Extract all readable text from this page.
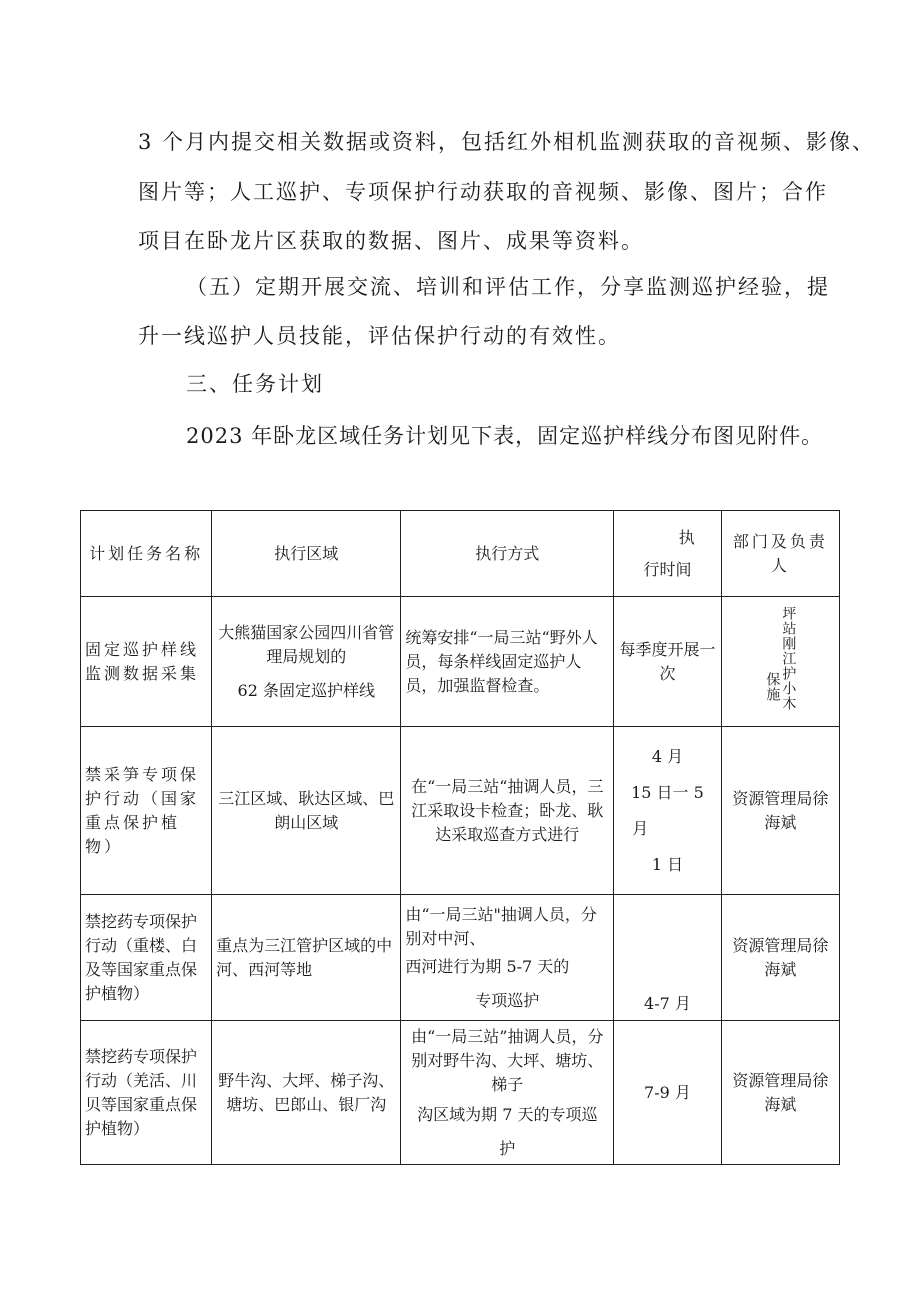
3 个月内提交相关数据或资料，包括红外相机监测获取的音视频、影像、
图片等；人工巡护、专项保护行动获取的音视频、影像、图片；合作
项目在卧龙片区获取的数据、图片、成果等资料。
（五）定期开展交流、培训和评估工作，分享监测巡护经验，提
升一线巡护人员技能，评估保护行动的有效性。
三、任务计划
2023 年卧龙区域任务计划见下表，固定巡护样线分布图见附件。
计划任务名称	执行区域	执行方式	执
行时间	部门及负责人
固定巡护样线监测数据采集	大熊猫国家公园四川省管理局规划的
62 条固定巡护样线	统筹安排“一局三站“野外人员，每条样线固定巡护人员，加强监督检查。	每季度开展一次	保施坪站刚江护小木
禁采笋专项保护行动（国家重点保护植物）	三江区域、耿达区域、巴朗山区域	在“一局三站“抽调人员，三江采取设卡检查；卧龙、耿达采取巡查方式进行	4 月
15 日一 5
月
1 日	资源管理局徐海斌
禁挖药专项保护行动（重楼、白及等国家重点保护植物）	重点为三江管护区域的中河、西河等地	由“一局三站"抽调人员，分别对中河、
西河进行为期 5-7 天的
专项巡护	4-7 月	资源管理局徐海斌
禁挖药专项保护行动（羌活、川贝等国家重点保护植物）	野牛沟、大坪、梯子沟、塘坊、巴郎山、银厂沟	由“一局三站”抽调人员，分别对野牛沟、大坪、塘坊、梯子
沟区域为期 7 天的专项巡
护	7-9 月	资源管理局徐海斌
